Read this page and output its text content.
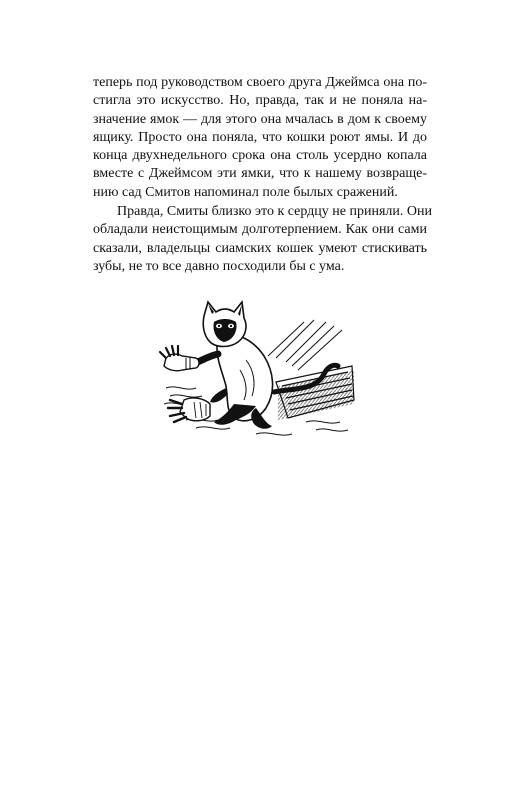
теперь под руководством своего друга Джеймса она по-
стигла это искусство. Но, правда, так и не поняла на-
значение ямок — для этого она мчалась в дом к своему
ящику. Просто она поняла, что кошки роют ямы. И до
конца двухнедельного срока она столь усердно копала
вместе с Джеймсом эти ямки, что к нашему возвраще-
нию сад Смитов напоминал поле былых сражений.
Правда, Смиты близко это к сердцу не приняли. Они
обладали неистощимым долготерпением. Как они сами
сказали, владельцы сиамских кошек умеют стискивать
зубы, не то все давно посходили бы с ума.
